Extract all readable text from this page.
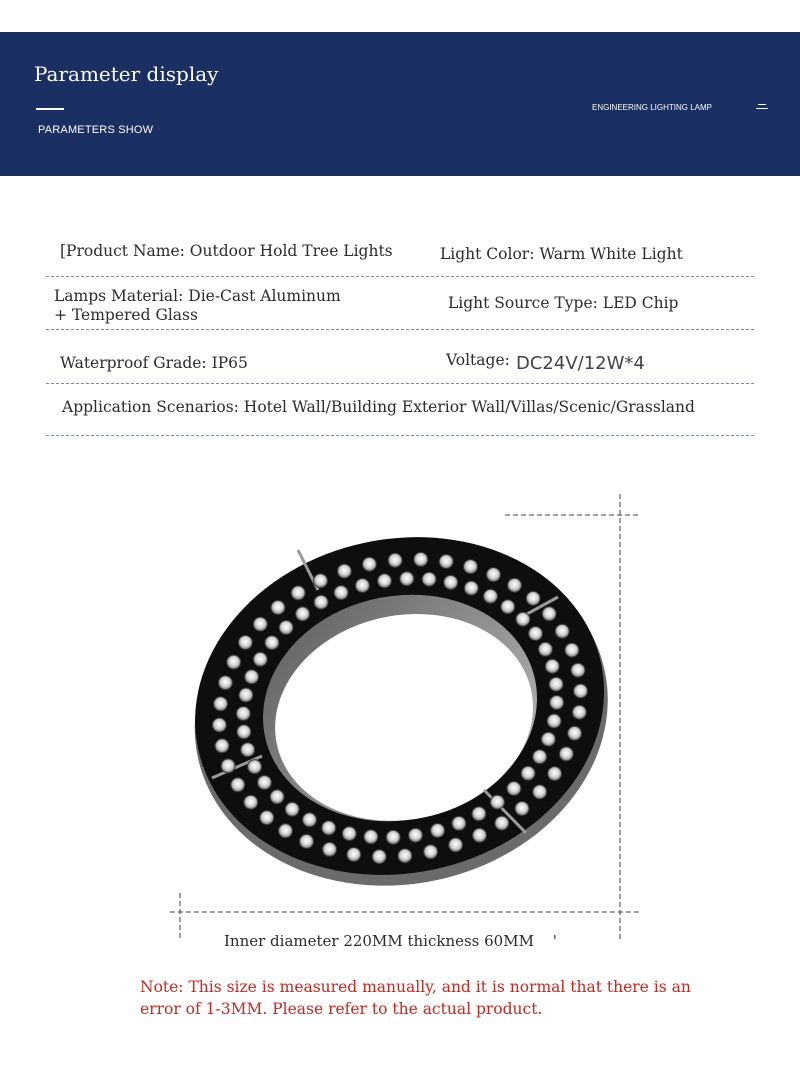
Parameter display
PARAMETERS SHOW
ENGINEERING LIGHTING LAMP
[Product Name: Outdoor Hold Tree Lights	Light Color: Warm White Light
Lamps Material: Die-Cast Aluminum
+ Tempered Glass
Light Source Type: LED Chip
Waterproof Grade: IP65	Voltage: DC24V/12W*4
Application Scenarios: Hotel Wall/Building Exterior Wall/Villas/Scenic/Grassland
Inner diameter 220MM thickness 60MM '
Note: This size is measured manually, and it is normal that there is an error of 1-3MM. Please refer to the actual product.
